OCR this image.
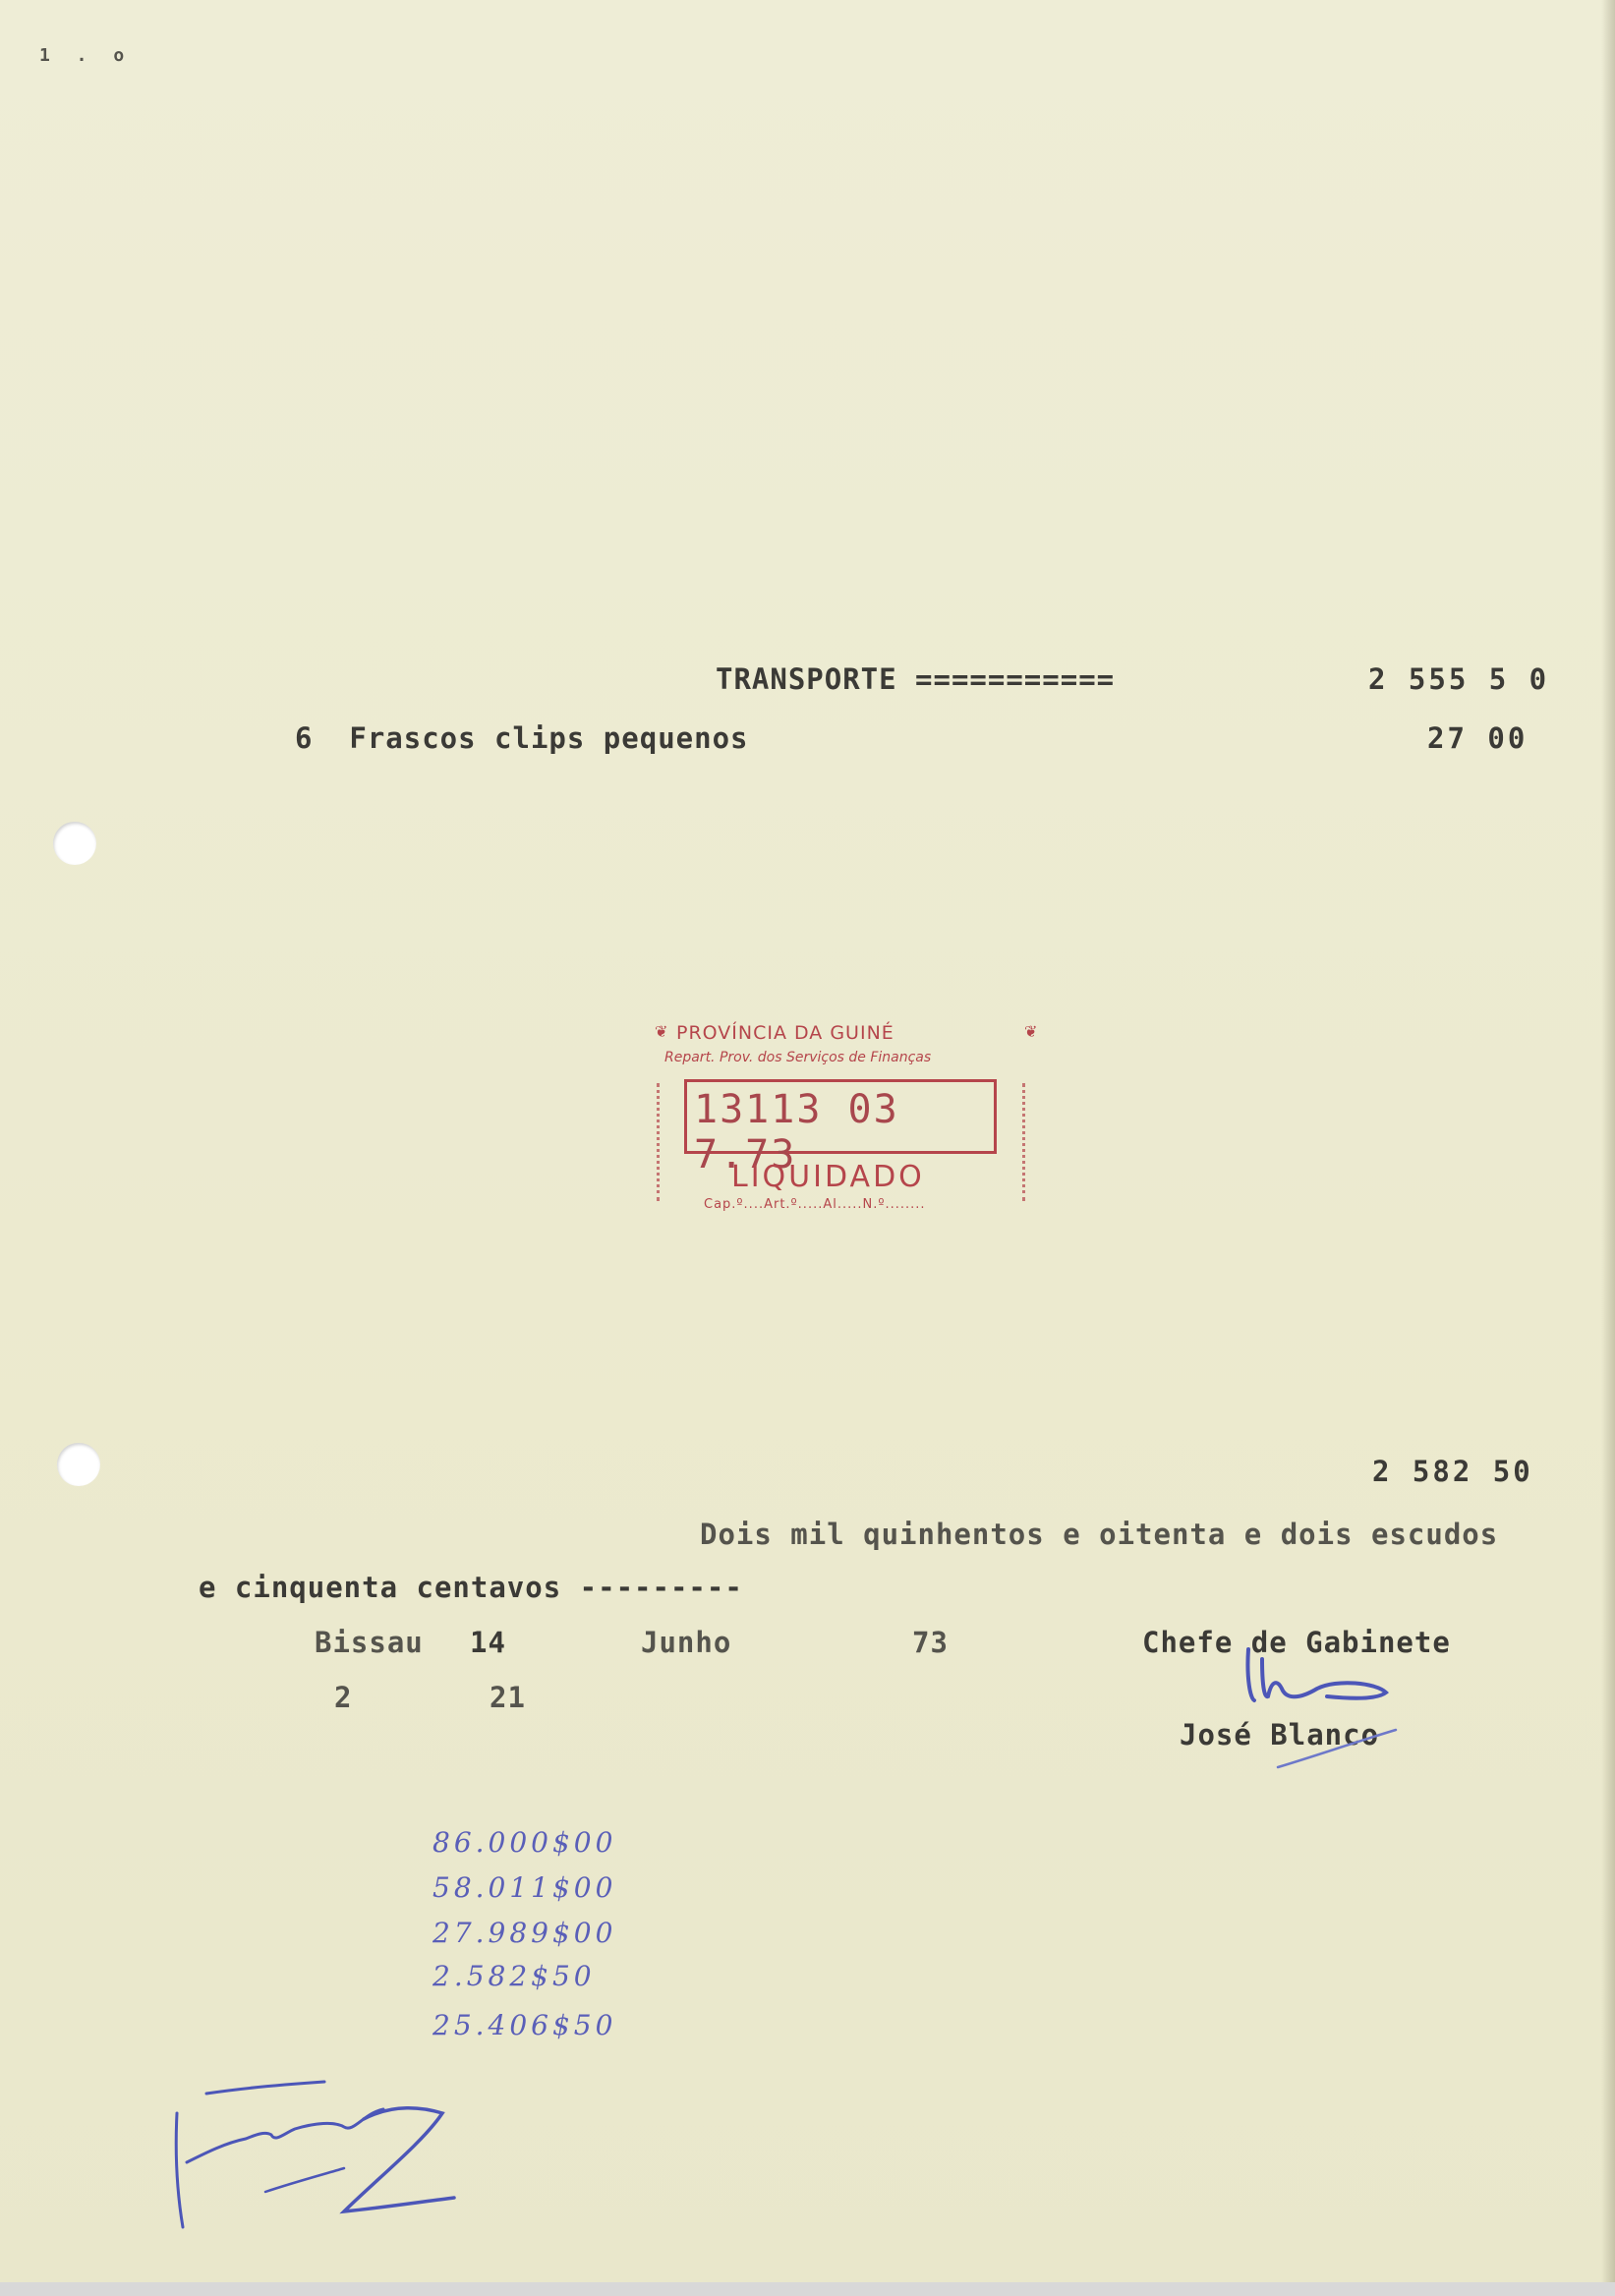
1 . o
TRANSPORTE ===========	2 555 5 0
6  Frascos clips pequenos	27 00
❦	❦
PROVÍNCIA DA GUINÉ
Repart. Prov. dos Serviços de Finanças
13113 03 7.73
LIQUIDADO
Cap.º....Art.º.....Al.....N.º........
2 582 50
Dois mil quinhentos e oitenta e dois escudos
e cinquenta centavos ---------
Bissau 14	Junho	73	Chefe de Gabinete
2	21
José Blanco
86.000$00
58.011$00
27.989$00
2.582$50
25.406$50
